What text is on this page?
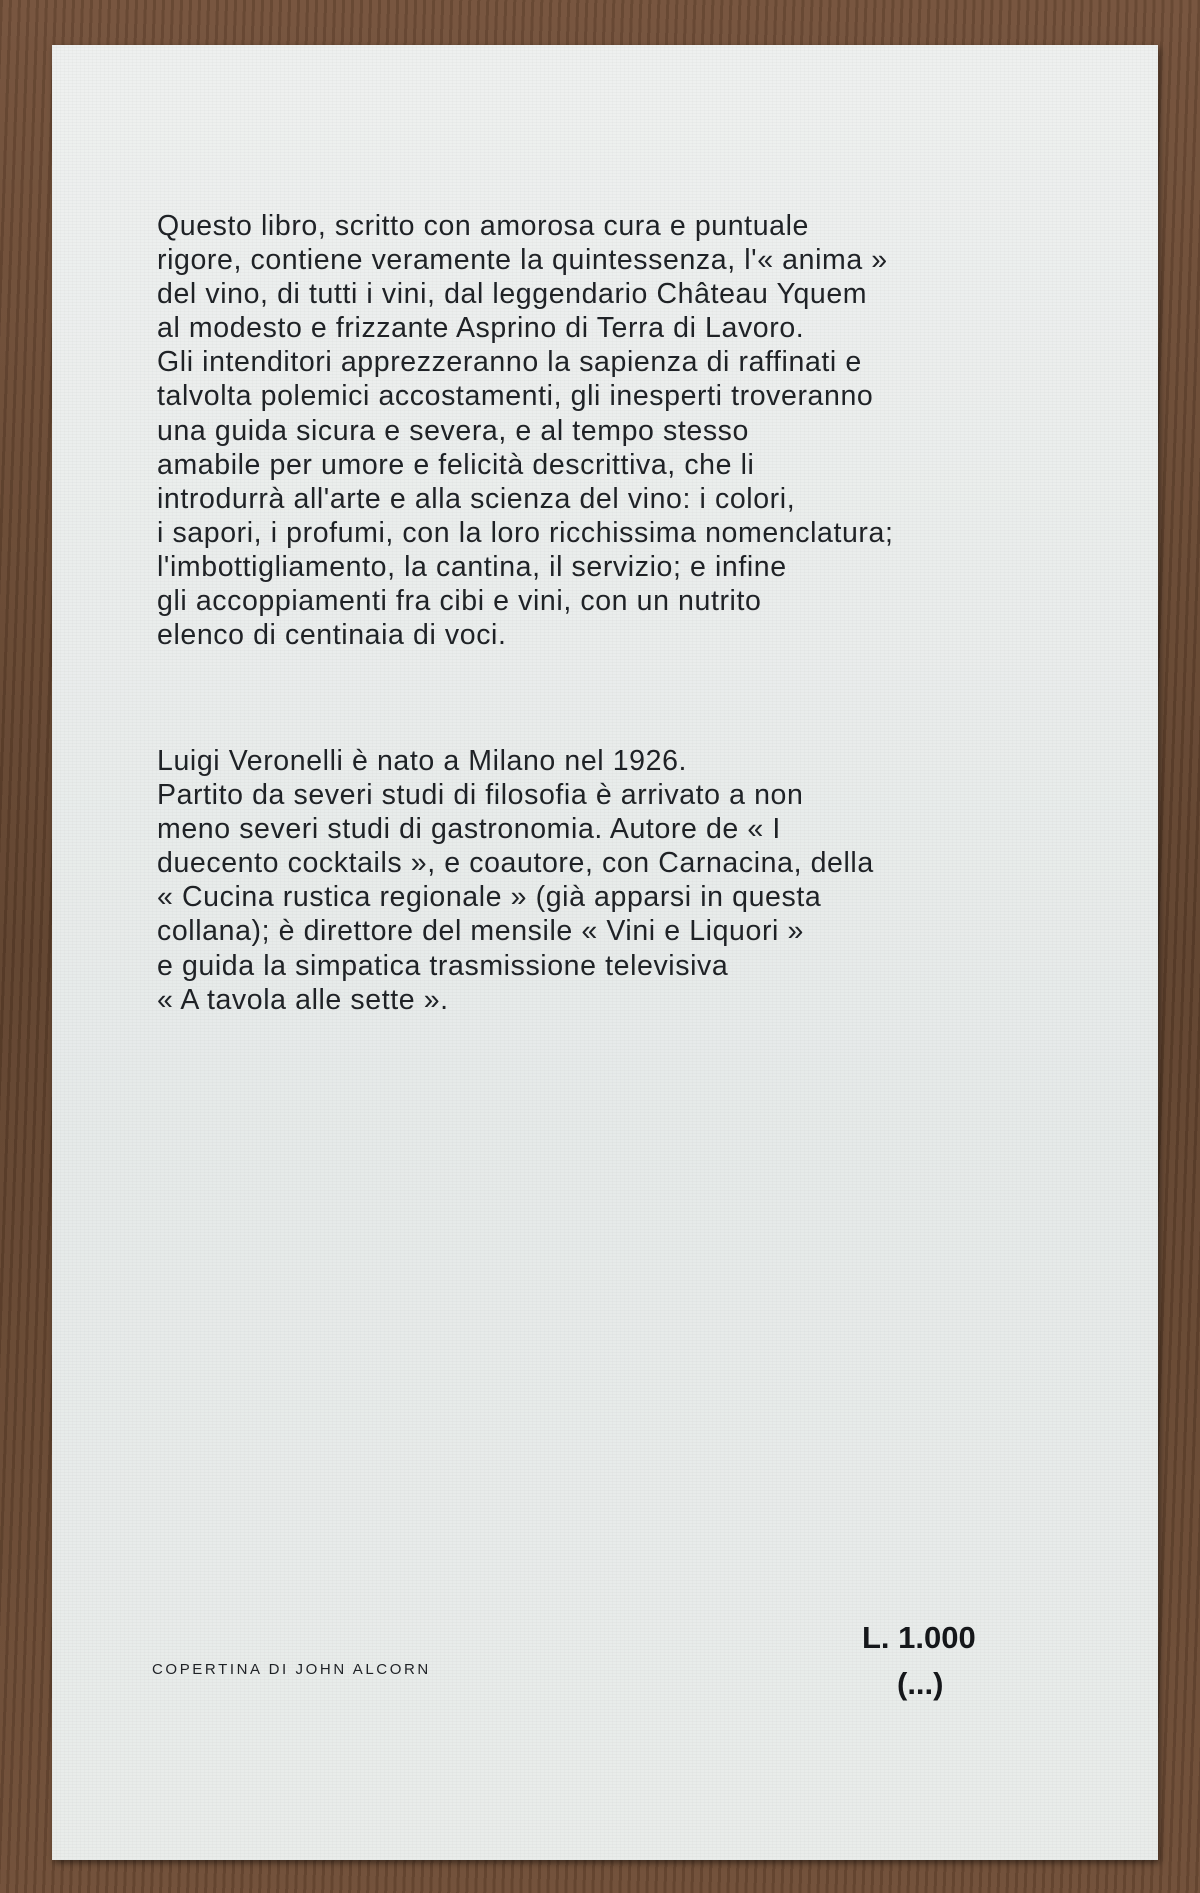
Questo libro, scritto con amorosa cura e puntuale
rigore, contiene veramente la quintessenza, l'« anima »
del vino, di tutti i vini, dal leggendario Château Yquem
al modesto e frizzante Asprino di Terra di Lavoro.
Gli intenditori apprezzeranno la sapienza di raffinati e
talvolta polemici accostamenti, gli inesperti troveranno
una guida sicura e severa, e al tempo stesso
amabile per umore e felicità descrittiva, che li
introdurrà all'arte e alla scienza del vino: i colori,
i sapori, i profumi, con la loro ricchissima nomenclatura;
l'imbottigliamento, la cantina, il servizio; e infine
gli accoppiamenti fra cibi e vini, con un nutrito
elenco di centinaia di voci.
Luigi Veronelli è nato a Milano nel 1926.
Partito da severi studi di filosofia è arrivato a non
meno severi studi di gastronomia. Autore de « I
duecento cocktails », e coautore, con Carnacina, della
« Cucina rustica regionale » (già apparsi in questa
collana); è direttore del mensile « Vini e Liquori »
e guida la simpatica trasmissione televisiva
« A tavola alle sette ».
COPERTINA DI JOHN ALCORN
L. 1.000
(...)
